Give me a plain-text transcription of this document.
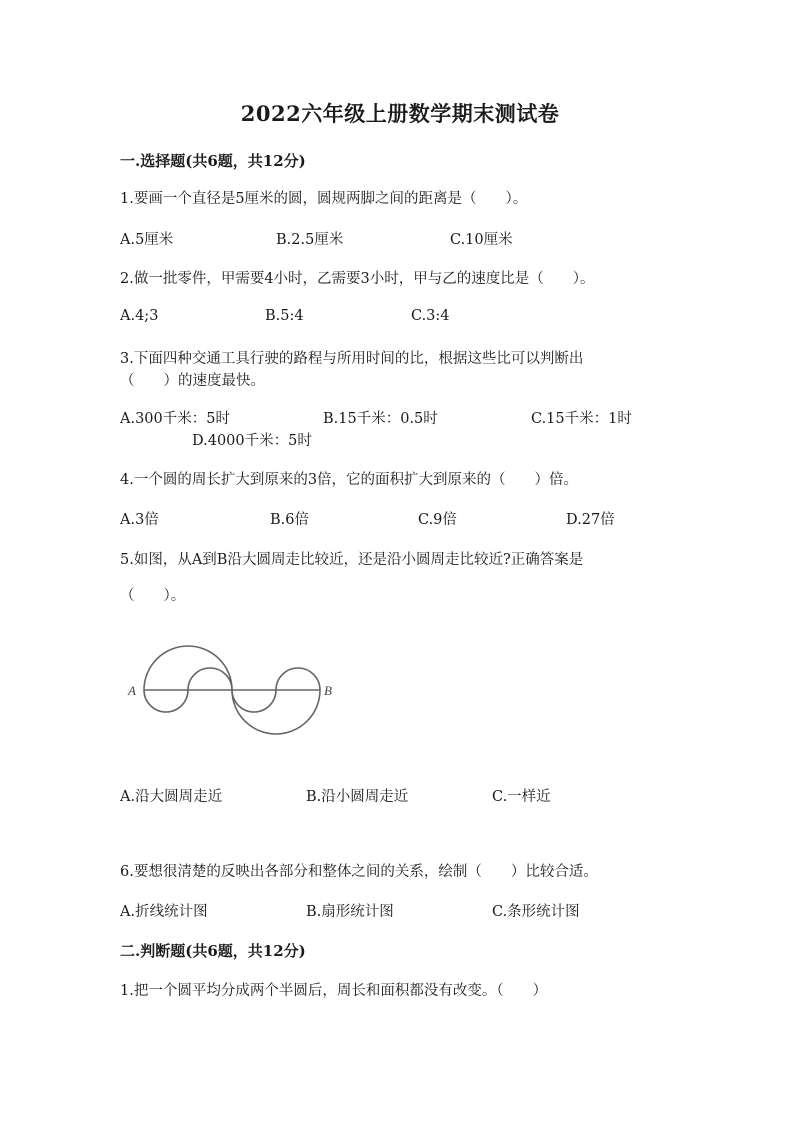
2022六年级上册数学期末测试卷
一.选择题(共6题，共12分)
1.要画一个直径是5厘米的圆，圆规两脚之间的距离是（　　）。
A.5厘米	B.2.5厘米	C.10厘米
2.做一批零件，甲需要4小时，乙需要3小时，甲与乙的速度比是（　　）。
A.4;3	B.5:4	C.3:4
3.下面四种交通工具行驶的路程与所用时间的比，根据这些比可以判断出
（　　）的速度最快。
A.300千米：5时	B.15千米：0.5时	C.15千米：1时
D.4000千米：5时
4.一个圆的周长扩大到原来的3倍，它的面积扩大到原来的（　　）倍。
A.3倍	B.6倍	C.9倍	D.27倍
5.如图，从A到B沿大圆周走比较近，还是沿小圆周走比较近?正确答案是
（　　）。
A	B
A.沿大圆周走近	B.沿小圆周走近	C.一样近
6.要想很清楚的反映出各部分和整体之间的关系，绘制（　　）比较合适。
A.折线统计图	B.扇形统计图	C.条形统计图
二.判断题(共6题，共12分)
1.把一个圆平均分成两个半圆后，周长和面积都没有改变。（　　）
